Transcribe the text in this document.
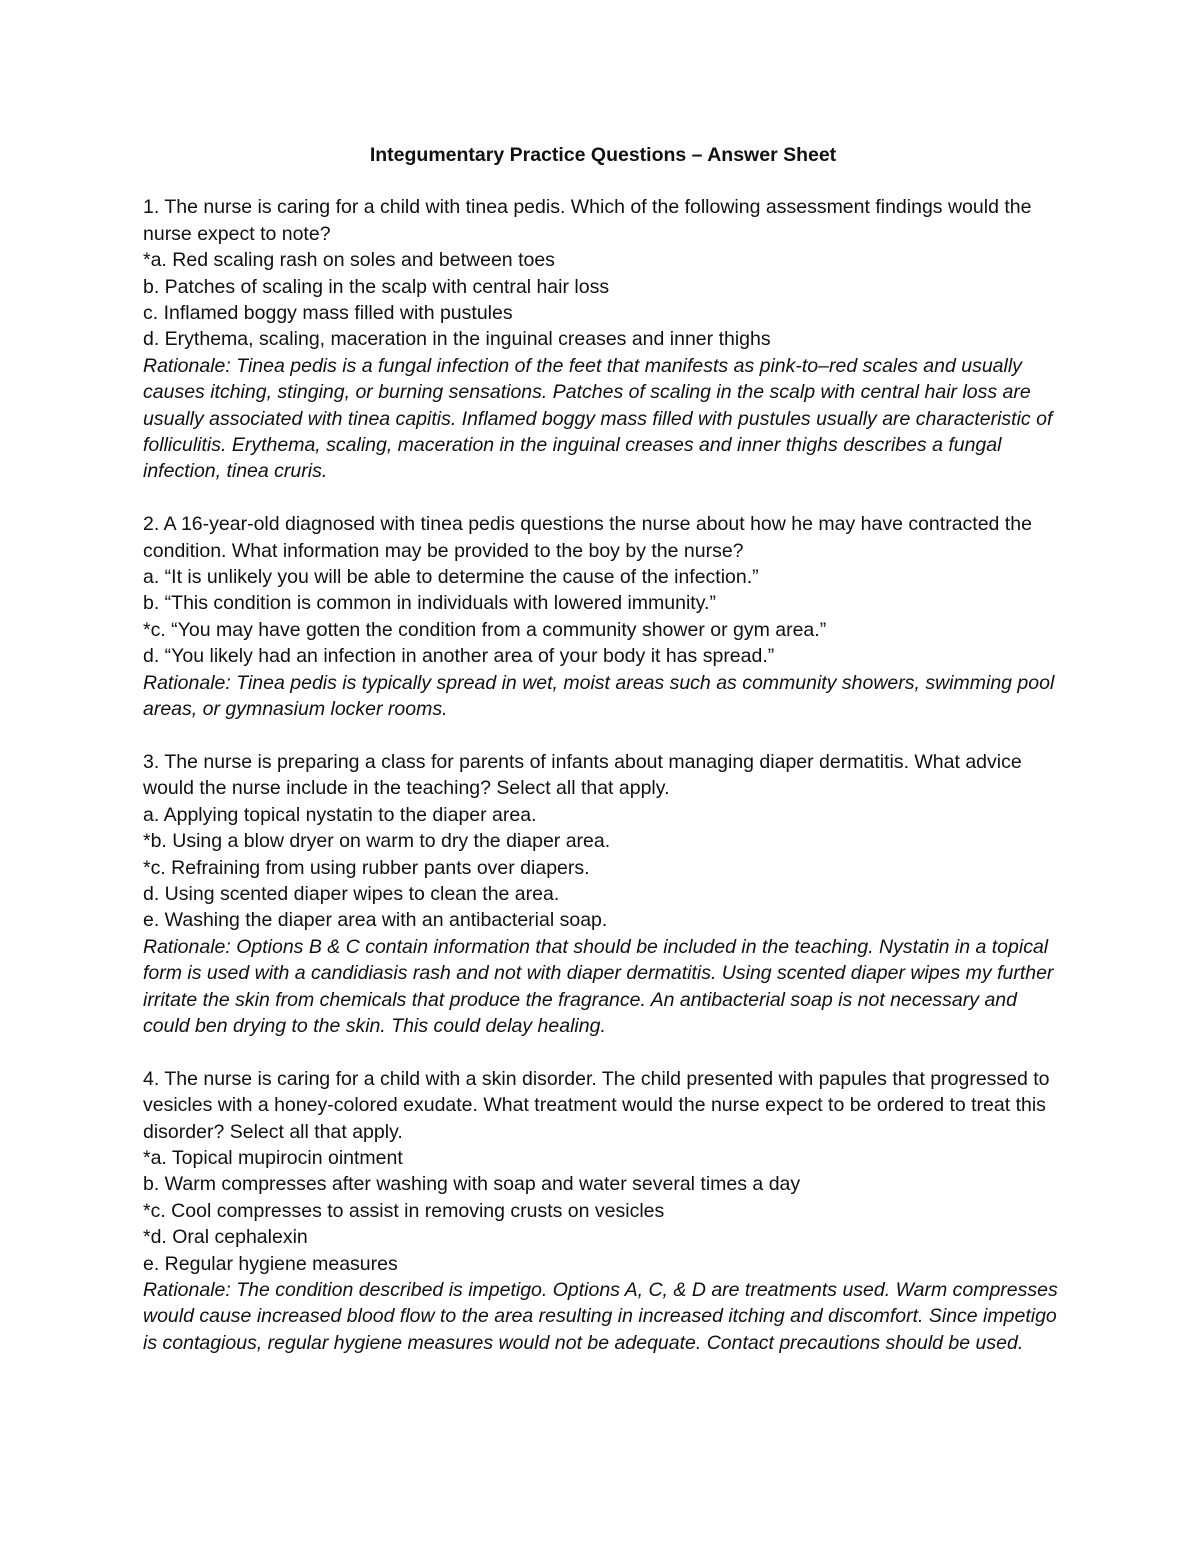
Integumentary Practice Questions – Answer Sheet
1. The nurse is caring for a child with tinea pedis. Which of the following assessment findings would the nurse expect to note?
*a. Red scaling rash on soles and between toes
b. Patches of scaling in the scalp with central hair loss
c. Inflamed boggy mass filled with pustules
d. Erythema, scaling, maceration in the inguinal creases and inner thighs
Rationale: Tinea pedis is a fungal infection of the feet that manifests as pink-to–red scales and usually causes itching, stinging, or burning sensations. Patches of scaling in the scalp with central hair loss are usually associated with tinea capitis. Inflamed boggy mass filled with pustules usually are characteristic of folliculitis. Erythema, scaling, maceration in the inguinal creases and inner thighs describes a fungal infection, tinea cruris.
2. A 16-year-old diagnosed with tinea pedis questions the nurse about how he may have contracted the condition. What information may be provided to the boy by the nurse?
a. “It is unlikely you will be able to determine the cause of the infection.”
b. “This condition is common in individuals with lowered immunity.”
*c. “You may have gotten the condition from a community shower or gym area.”
d. “You likely had an infection in another area of your body it has spread.”
Rationale: Tinea pedis is typically spread in wet, moist areas such as community showers, swimming pool areas, or gymnasium locker rooms.
3. The nurse is preparing a class for parents of infants about managing diaper dermatitis. What advice would the nurse include in the teaching? Select all that apply.
a. Applying topical nystatin to the diaper area.
*b. Using a blow dryer on warm to dry the diaper area.
*c. Refraining from using rubber pants over diapers.
d. Using scented diaper wipes to clean the area.
e. Washing the diaper area with an antibacterial soap.
Rationale: Options B & C contain information that should be included in the teaching. Nystatin in a topical form is used with a candidiasis rash and not with diaper dermatitis. Using scented diaper wipes my further irritate the skin from chemicals that produce the fragrance. An antibacterial soap is not necessary and could ben drying to the skin. This could delay healing.
4. The nurse is caring for a child with a skin disorder. The child presented with papules that progressed to vesicles with a honey-colored exudate. What treatment would the nurse expect to be ordered to treat this disorder? Select all that apply.
*a. Topical mupirocin ointment
b. Warm compresses after washing with soap and water several times a day
*c. Cool compresses to assist in removing crusts on vesicles
*d. Oral cephalexin
e. Regular hygiene measures
Rationale: The condition described is impetigo. Options A, C, & D are treatments used. Warm compresses would cause increased blood flow to the area resulting in increased itching and discomfort. Since impetigo is contagious, regular hygiene measures would not be adequate. Contact precautions should be used.
